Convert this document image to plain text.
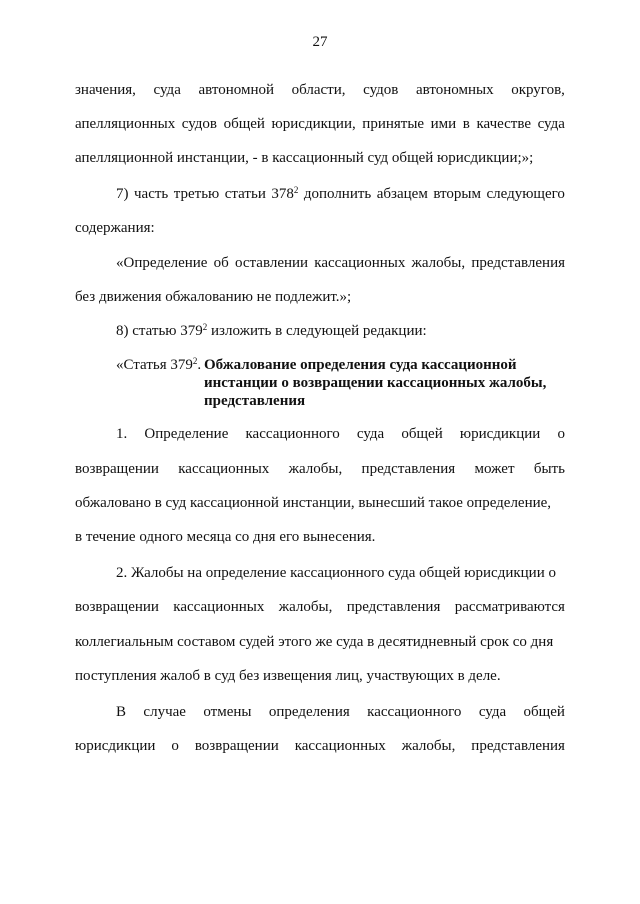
27
значения, суда автономной области, судов автономных округов,
апелляционных судов общей юрисдикции, принятые ими в качестве суда
апелляционной инстанции, - в кассационный суд общей юрисдикции;»;
7) часть третью статьи $378^2$ дополнить абзацем вторым следующего
содержания:
«Определение об оставлении кассационных жалобы, представления
без движения обжалованию не подлежит.»;
8) статью $379^2$ изложить в следующей редакции:
«Статья $379^2$. Обжалование определения суда кассационной
инстанции о возвращении кассационных жалобы,
представления
1. Определение кассационного суда общей юрисдикции о
возвращении кассационных жалобы, представления может быть
обжаловано в суд кассационной инстанции, вынесший такое определение,
в течение одного месяца со дня его вынесения.
2. Жалобы на определение кассационного суда общей юрисдикции о
возвращении кассационных жалобы, представления рассматриваются
коллегиальным составом судей этого же суда в десятидневный срок со дня
поступления жалоб в суд без извещения лиц, участвующих в деле.
В случае отмены определения кассационного суда общей
юрисдикции о возвращении кассационных жалобы, представления
